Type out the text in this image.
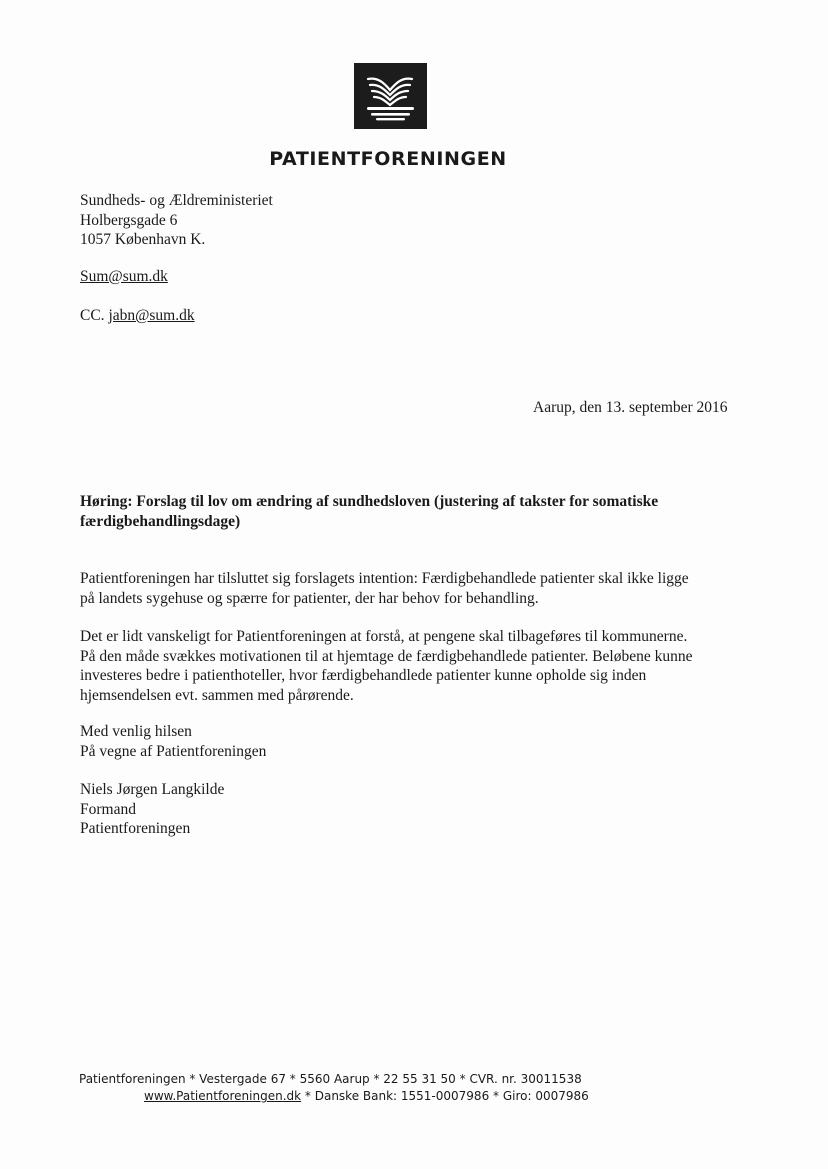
PATIENTFORENINGEN
Sundheds- og Ældreministeriet
Holbergsgade 6
1057 København K.
Sum@sum.dk
CC. jabn@sum.dk
Aarup, den 13. september 2016
Høring: Forslag til lov om ændring af sundhedsloven (justering af takster for somatiske
færdigbehandlingsdage)
Patientforeningen har tilsluttet sig forslagets intention: Færdigbehandlede patienter skal ikke ligge
på landets sygehuse og spærre for patienter, der har behov for behandling.
Det er lidt vanskeligt for Patientforeningen at forstå, at pengene skal tilbageføres til kommunerne.
På den måde svækkes motivationen til at hjemtage de færdigbehandlede patienter. Beløbene kunne
investeres bedre i patienthoteller, hvor færdigbehandlede patienter kunne opholde sig inden
hjemsendelsen evt. sammen med pårørende.
Med venlig hilsen
På vegne af Patientforeningen
Niels Jørgen Langkilde
Formand
Patientforeningen
Patientforeningen * Vestergade 67 * 5560 Aarup * 22 55 31 50 * CVR. nr. 30011538
www.Patientforeningen.dk * Danske Bank: 1551-0007986 * Giro: 0007986
